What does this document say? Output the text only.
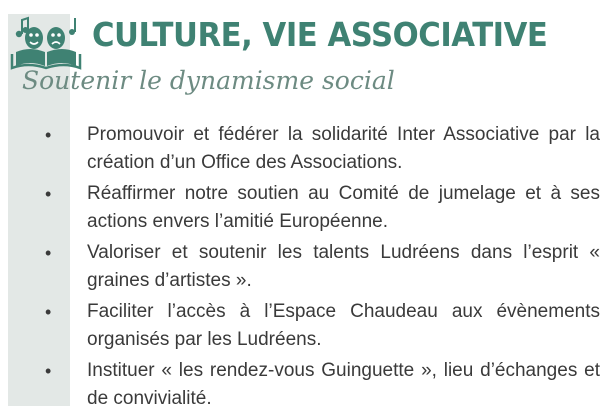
CULTURE, VIE ASSOCIATIVE
Soutenir le dynamisme social
• Promouvoir et fédérer la solidarité Inter Associative par la création d’un Office des Associations.
• Réaffirmer notre soutien au Comité de jumelage et à ses actions envers l’amitié Européenne.
• Valoriser et soutenir les talents Ludréens dans l’esprit « graines d’artistes ».
• Faciliter l’accès à l’Espace Chaudeau aux évènements organisés par les Ludréens.
• Instituer « les rendez-vous Guinguette », lieu d’échanges et de convivialité.
